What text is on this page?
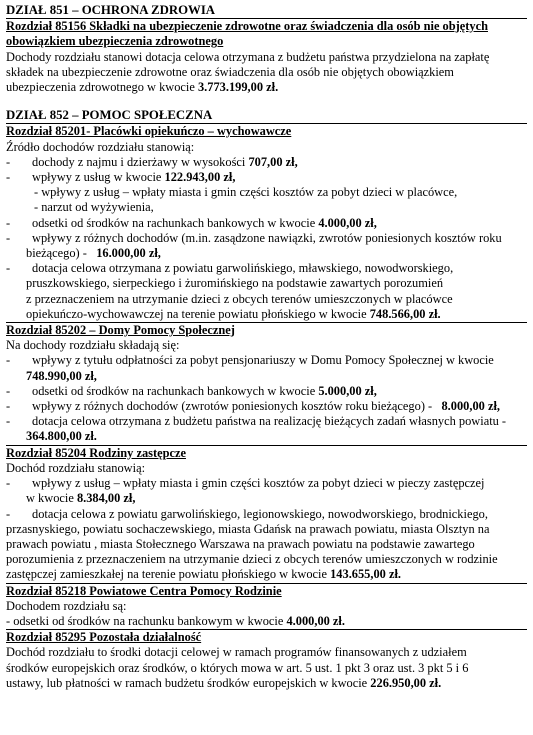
DZIAŁ 851 – OCHRONA ZDROWIA
Rozdział 85156 Składki na ubezpieczenie zdrowotne oraz świadczenia dla osób nie objętych
obowiązkiem ubezpieczenia zdrowotnego
Dochody rozdziału stanowi dotacja celowa otrzymana z budżetu państwa przydzielona na zapłatę
składek na ubezpieczenie zdrowotne oraz świadczenia dla osób nie objętych obowiązkiem
ubezpieczenia zdrowotnego w kwocie 3.773.199,00 zł.
DZIAŁ 852 – POMOC SPOŁECZNA
Rozdział 85201- Placówki opiekuńczo – wychowawcze
Źródło dochodów rozdziału stanowią:
- dochody z najmu i dzierżawy w wysokości 707,00 zł,
- wpływy z usług w kwocie 122.943,00 zł,
- wpływy z usług – wpłaty miasta i gmin części kosztów za pobyt dzieci w placówce,
- narzut od wyżywienia,
- odsetki od środków na rachunkach bankowych w kwocie 4.000,00 zł,
- wpływy z różnych dochodów (m.in. zasądzone nawiązki, zwrotów poniesionych kosztów roku
bieżącego) - 16.000,00 zł,
- dotacja celowa otrzymana z powiatu garwolińskiego, mławskiego, nowodworskiego,
pruszkowskiego, sierpeckiego i żuromińskiego na podstawie zawartych porozumień
z przeznaczeniem na utrzymanie dzieci z obcych terenów umieszczonych w placówce
opiekuńczo-wychowawczej na terenie powiatu płońskiego w kwocie 748.566,00 zł.
Rozdział 85202 – Domy Pomocy Społecznej
Na dochody rozdziału składają się:
- wpływy z tytułu odpłatności za pobyt pensjonariuszy w Domu Pomocy Społecznej w kwocie
748.990,00 zł,
- odsetki od środków na rachunkach bankowych w kwocie 5.000,00 zł,
- wpływy z różnych dochodów (zwrotów poniesionych kosztów roku bieżącego) - 8.000,00 zł,
- dotacja celowa otrzymana z budżetu państwa na realizację bieżących zadań własnych powiatu -
364.800,00 zł.
Rozdział 85204 Rodziny zastępcze
Dochód rozdziału stanowią:
- wpływy z usług – wpłaty miasta i gmin części kosztów za pobyt dzieci w pieczy zastępczej
w kwocie 8.384,00 zł,
- dotacja celowa z powiatu garwolińskiego, legionowskiego, nowodworskiego, brodnickiego,
przasnyskiego, powiatu sochaczewskiego, miasta Gdańsk na prawach powiatu, miasta Olsztyn na
prawach powiatu , miasta Stołecznego Warszawa na prawach powiatu na podstawie zawartego
porozumienia z przeznaczeniem na utrzymanie dzieci z obcych terenów umieszczonych w rodzinie
zastępczej zamieszkałej na terenie powiatu płońskiego w kwocie 143.655,00 zł.
Rozdział 85218 Powiatowe Centra Pomocy Rodzinie
Dochodem rozdziału są:
- odsetki od środków na rachunku bankowym w kwocie 4.000,00 zł.
Rozdział 85295 Pozostała działalność
Dochód rozdziału to środki dotacji celowej w ramach programów finansowanych z udziałem
środków europejskich oraz środków, o których mowa w art. 5 ust. 1 pkt 3 oraz ust. 3 pkt 5 i 6
ustawy, lub płatności w ramach budżetu środków europejskich w kwocie 226.950,00 zł.
